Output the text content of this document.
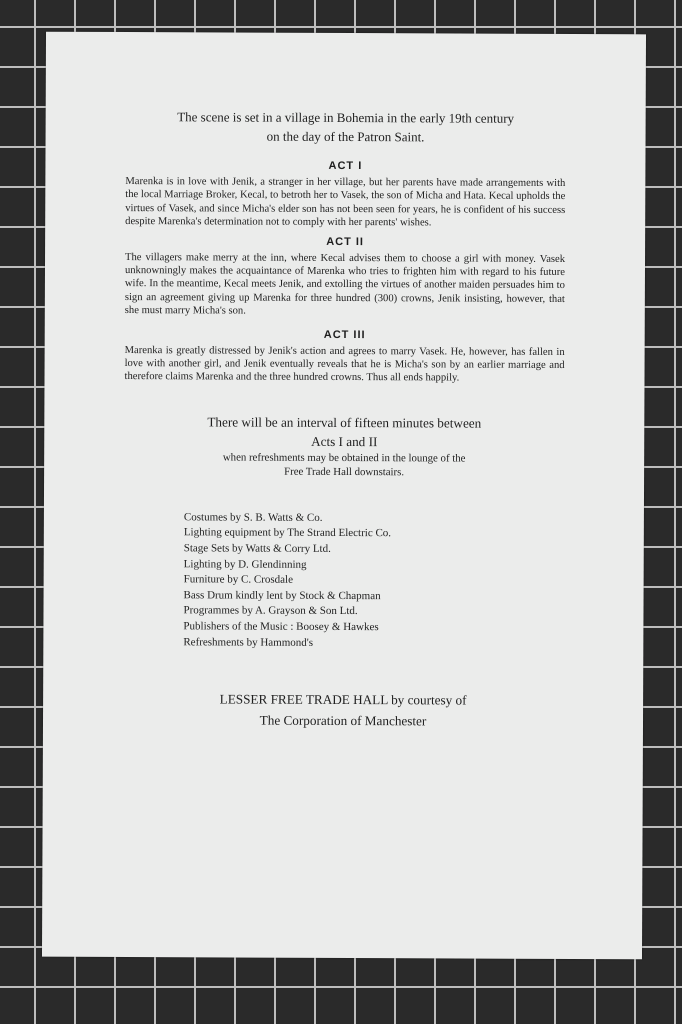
The scene is set in a village in Bohemia in the early 19th century
on the day of the Patron Saint.

ACT I

Marenka is in love with Jenik, a stranger in her village, but her parents have made arrangements with the local Marriage Broker, Kecal, to betroth her to Vasek, the son of Micha and Hata. Kecal upholds the virtues of Vasek, and since Micha's elder son has not been seen for years, he is confident of his success despite Marenka's determination not to comply with her parents' wishes.

ACT II

The villagers make merry at the inn, where Kecal advises them to choose a girl with money. Vasek unknowningly makes the acquaintance of Marenka who tries to frighten him with regard to his future wife. In the meantime, Kecal meets Jenik, and extolling the virtues of another maiden persuades him to sign an agreement giving up Marenka for three hundred (300) crowns, Jenik insisting, however, that she must marry Micha's son.

ACT III

Marenka is greatly distressed by Jenik's action and agrees to marry Vasek. He, however, has fallen in love with another girl, and Jenik eventually reveals that he is Micha's son by an earlier marriage and therefore claims Marenka and the three hundred crowns. Thus all ends happily.

There will be an interval of fifteen minutes between
Acts I and II
when refreshments may be obtained in the lounge of the
Free Trade Hall downstairs.
Costumes by S. B. Watts & Co.
Lighting equipment by The Strand Electric Co.
Stage Sets by Watts & Corry Ltd.
Lighting by D. Glendinning
Furniture by C. Crosdale
Bass Drum kindly lent by Stock & Chapman
Programmes by A. Grayson & Son Ltd.
Publishers of the Music : Boosey & Hawkes
Refreshments by Hammond's
LESSER FREE TRADE HALL by courtesy of
The Corporation of Manchester
